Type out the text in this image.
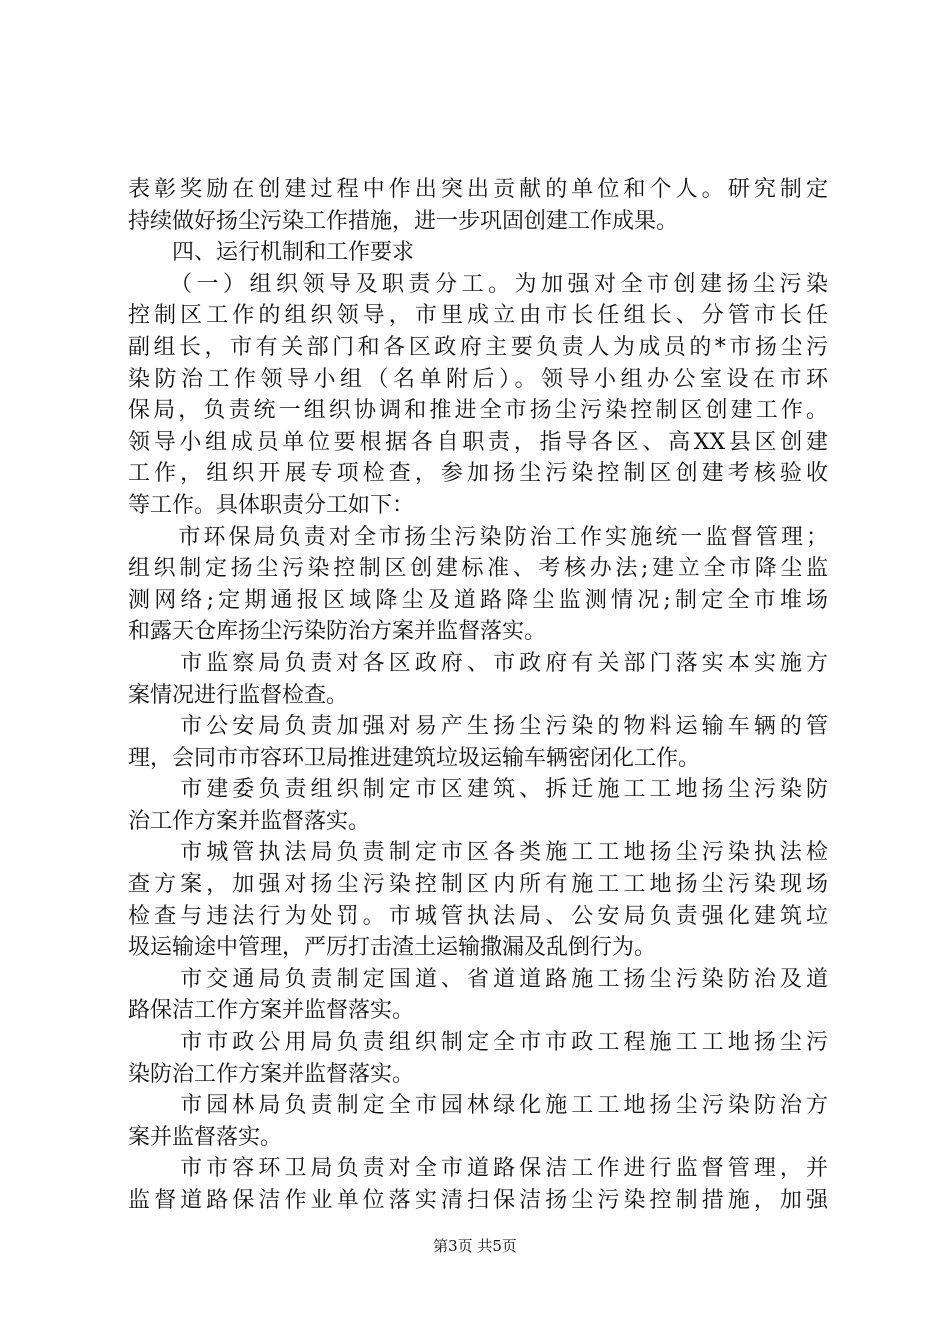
表彰奖励在创建过程中作出突出贡献的单位和个人。研究制定
持续做好扬尘污染工作措施，进一步巩固创建工作成果。
　　四、运行机制和工作要求
　　（一）组织领导及职责分工。为加强对全市创建扬尘污染
控制区工作的组织领导，市里成立由市长任组长、分管市长任
副组长，市有关部门和各区政府主要负责人为成员的*市扬尘污
染防治工作领导小组（名单附后）。领导小组办公室设在市环
保局，负责统一组织协调和推进全市扬尘污染控制区创建工作。
领导小组成员单位要根据各自职责，指导各区、高XX县区创建
工作，组织开展专项检查，参加扬尘污染控制区创建考核验收
等工作。具体职责分工如下：
　　市环保局负责对全市扬尘污染防治工作实施统一监督管理；
组织制定扬尘污染控制区创建标准、考核办法;建立全市降尘监
测网络;定期通报区域降尘及道路降尘监测情况;制定全市堆场
和露天仓库扬尘污染防治方案并监督落实。
　　市监察局负责对各区政府、市政府有关部门落实本实施方
案情况进行监督检查。
　　市公安局负责加强对易产生扬尘污染的物料运输车辆的管
理，会同市市容环卫局推进建筑垃圾运输车辆密闭化工作。
　　市建委负责组织制定市区建筑、拆迁施工工地扬尘污染防
治工作方案并监督落实。
　　市城管执法局负责制定市区各类施工工地扬尘污染执法检
查方案，加强对扬尘污染控制区内所有施工工地扬尘污染现场
检查与违法行为处罚。市城管执法局、公安局负责强化建筑垃
圾运输途中管理，严厉打击渣土运输撒漏及乱倒行为。
　　市交通局负责制定国道、省道道路施工扬尘污染防治及道
路保洁工作方案并监督落实。
　　市市政公用局负责组织制定全市市政工程施工工地扬尘污
染防治工作方案并监督落实。
　　市园林局负责制定全市园林绿化施工工地扬尘污染防治方
案并监督落实。
　　市市容环卫局负责对全市道路保洁工作进行监督管理，并
监督道路保洁作业单位落实清扫保洁扬尘污染控制措施，加强
第3页 共5页
